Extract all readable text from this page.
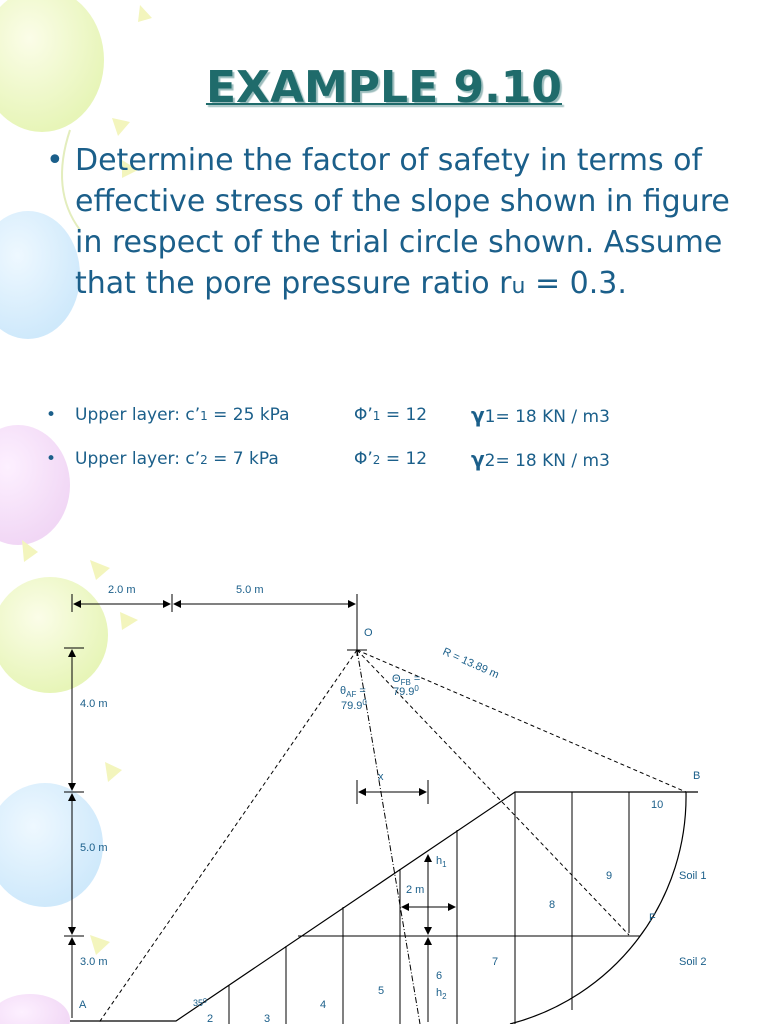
EXAMPLE 9.10
• Determine the factor of safety in terms of effective stress of the slope shown in figure in respect of the trial circle shown. Assume that the pore pressure ratio ru = 0.3.
• Upper layer: c’1 = 25 kPa	Φ’1 = 12 γ1= 18 KN / m3
• Upper layer: c’2 = 7 kPa	Φ’2 = 12 γ2= 18 KN / m3
2.0 m	5.0 m
4.0 m
5.0 m
3.0 m
O
R = 13.89 m
$\theta_{AF}$ =
$79.9^0$
$\Theta_{FB}$ =
$79.9^0$
x
$h_1$
2 m
$h_2$
A
B
F
$35^0$
Soil 1
Soil 2
2	3
4
5
6
7
8
9
10
